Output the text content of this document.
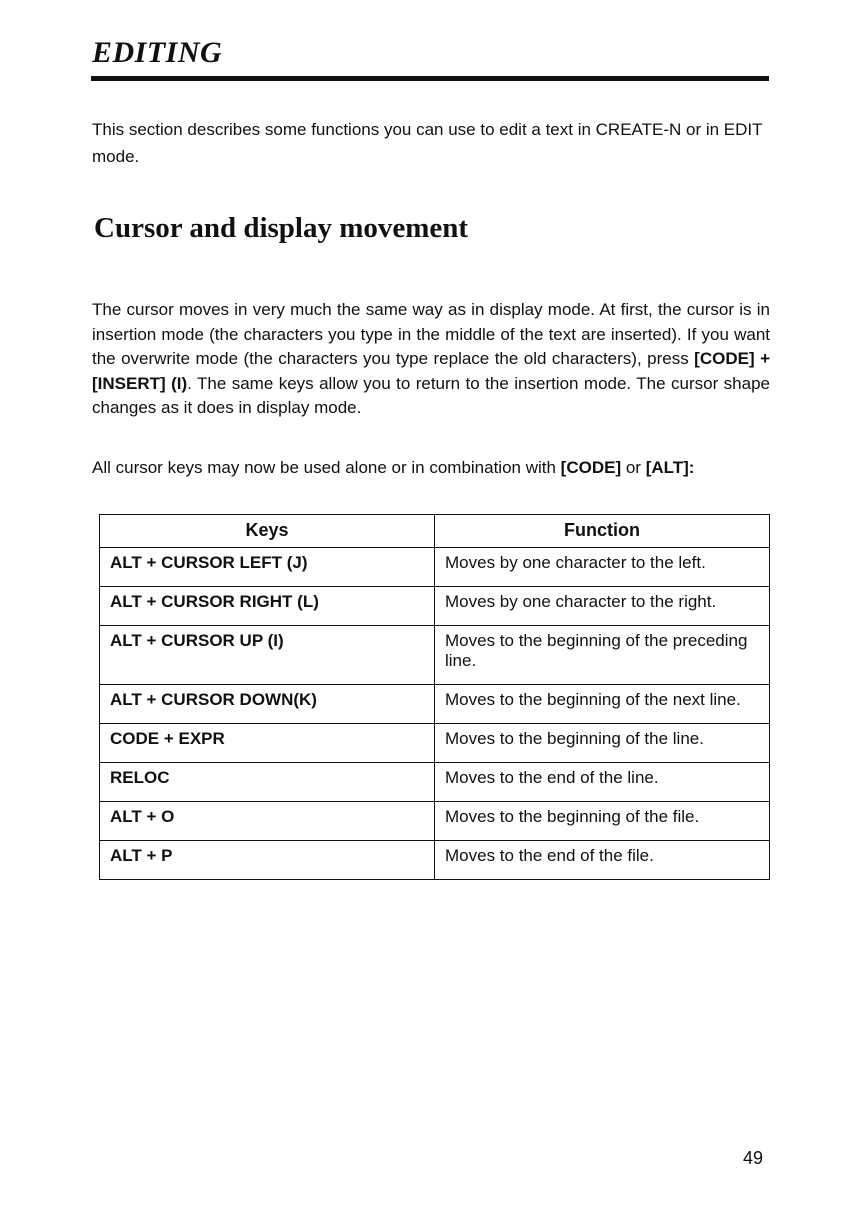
EDITING

This section describes some functions you can use to edit a text in CREATE-N or in EDIT mode.

Cursor and display movement

The cursor moves in very much the same way as in display mode. At first, the cursor is in insertion mode (the characters you type in the middle of the text are inserted). If you want the overwrite mode (the characters you type replace the old characters), press [CODE] + [INSERT] (I). The same keys allow you to return to the insertion mode. The cursor shape changes as it does in display mode.

All cursor keys may now be used alone or in combination with [CODE] or [ALT]:

Keys	Function
ALT + CURSOR LEFT (J)	Moves by one character to the left.
ALT + CURSOR RIGHT (L)	Moves by one character to the right.
ALT + CURSOR UP (I)	Moves to the beginning of the preceding line.
ALT + CURSOR DOWN(K)	Moves to the beginning of the next line.
CODE + EXPR	Moves to the beginning of the line.
RELOC	Moves to the end of the line.
ALT + O	Moves to the beginning of the file.
ALT + P	Moves to the end of the file.

49
